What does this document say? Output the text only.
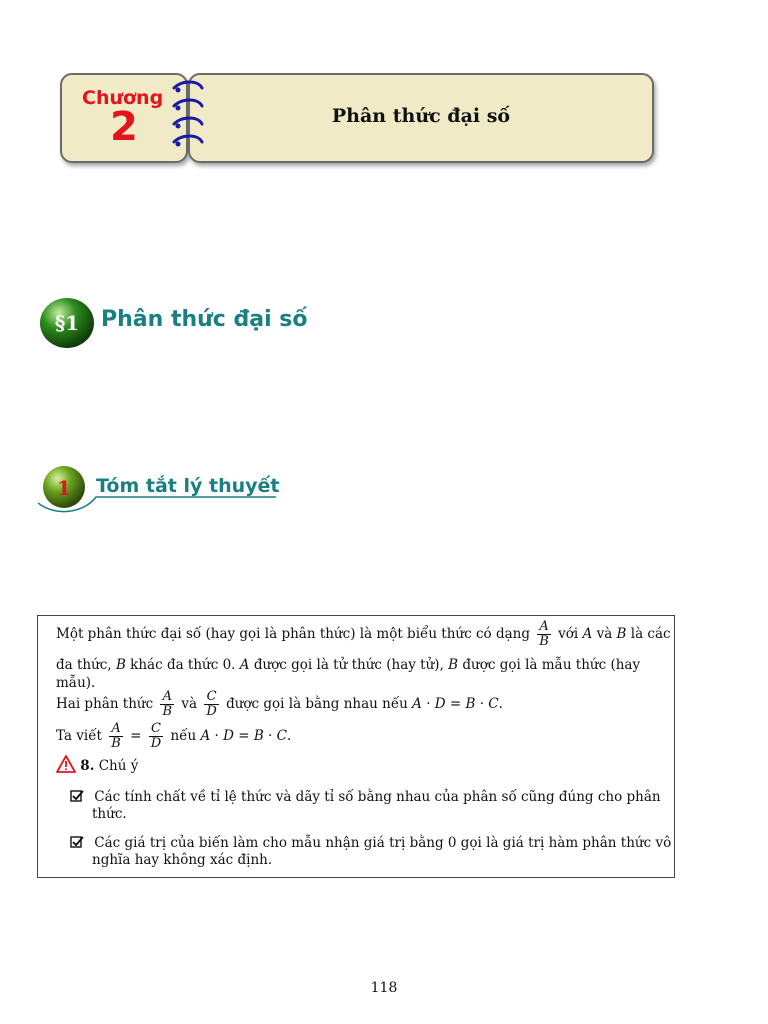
Chương
2	Phân thức đại số
§1 Phân thức đại số
1 Tóm tắt lý thuyết
Một phân thức đại số (hay gọi là phân thức) là một biểu thức có dạng $\frac{A}{B}$ với A và B là các
đa thức, B khác đa thức 0. A được gọi là tử thức (hay tử), B được gọi là mẫu thức (hay
mẫu).
Hai phân thức $\frac{A}{B}$ và $\frac{C}{D}$ được gọi là bằng nhau nếu A · D = B · C.
Ta viết $\frac{A}{B} = \frac{C}{D}$ nếu A · D = B · C.
8. Chú ý
Các tính chất về tỉ lệ thức và dãy tỉ số bằng nhau của phân số cũng đúng cho phân
thức.
Các giá trị của biến làm cho mẫu nhận giá trị bằng 0 gọi là giá trị hàm phân thức vô
nghĩa hay không xác định.
118
